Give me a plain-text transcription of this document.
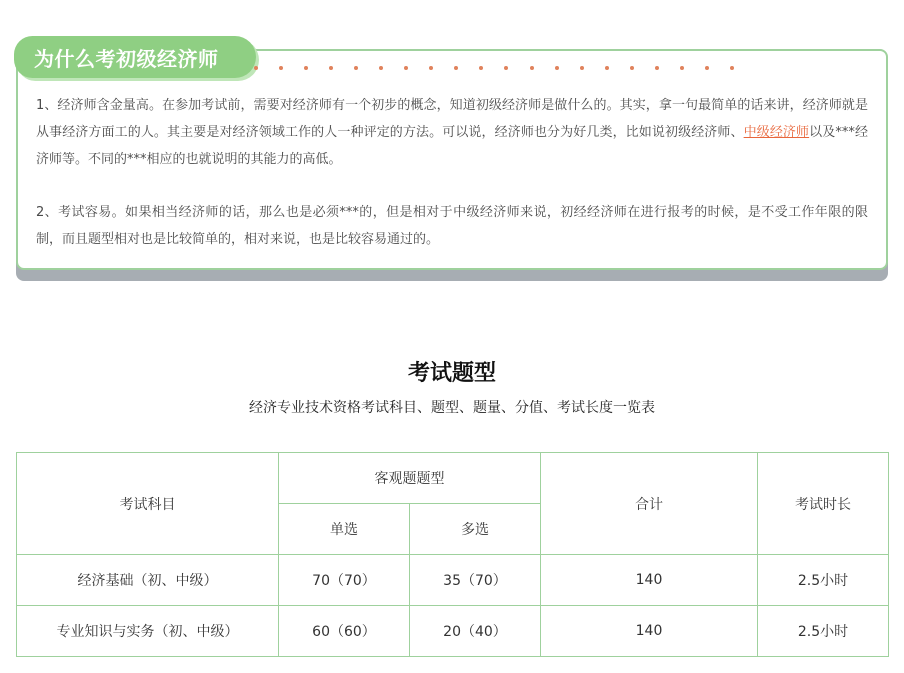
为什么考初级经济师

1、经济师含金量高。在参加考试前，需要对经济师有一个初步的概念，知道初级经济师是做什么的。其实，拿一句最简单的话来讲，经济师就是从事经济方面工的人。其主要是对经济领域工作的人一种评定的方法。可以说，经济师也分为好几类，比如说初级经济师、中级经济师以及***经济师等。不同的***相应的也就说明的其能力的高低。

2、考试容易。如果相当经济师的话，那么也是必须***的，但是相对于中级经济师来说，初经经济师在进行报考的时候，是不受工作年限的限制，而且题型相对也是比较简单的，相对来说，也是比较容易通过的。

考试题型
经济专业技术资格考试科目、题型、题量、分值、考试长度一览表
考试科目	客观题题型		合计	考试时长
	单选	多选		
经济基础（初、中级）	70（70）	35（70）	140	2.5小时
专业知识与实务（初、中级）	60（60）	20（40）	140	2.5小时
